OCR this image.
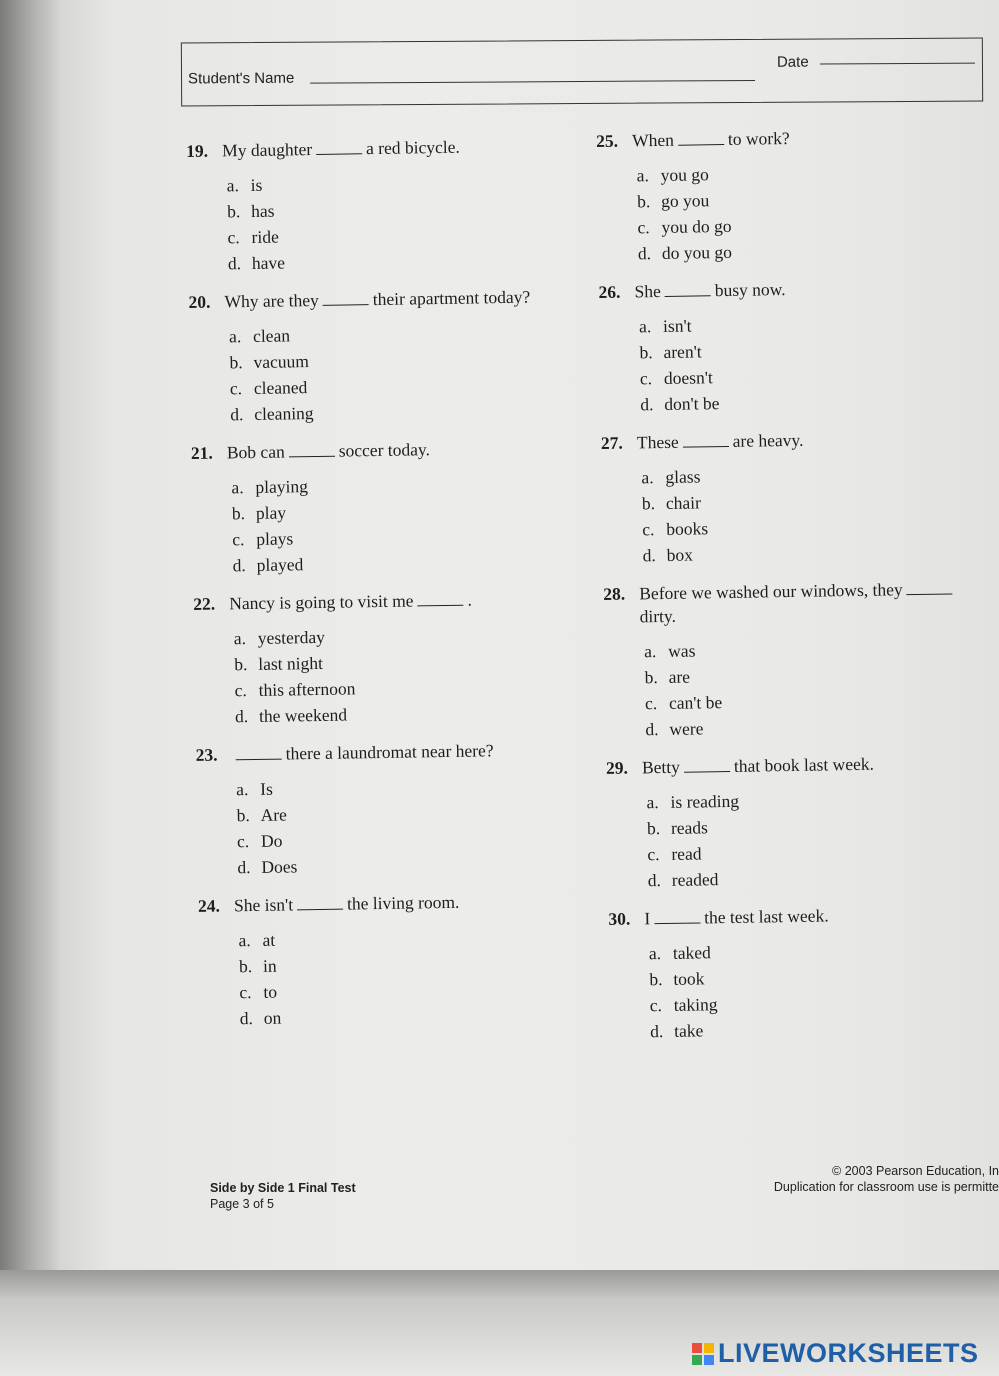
Student's Name
Date
19. My daughter	a red bicycle.
a. is
b. has
c. ride
d. have
20. Why are they	their apartment today?
a. clean
b. vacuum
c. cleaned
d. cleaning
21. Bob can	soccer today.
a. playing
b. play
c. plays
d. played
22. Nancy is going to visit me	.
a. yesterday
b. last night
c. this afternoon
d. the weekend
23.	there a laundromat near here?
a. Is
b. Are
c. Do
d. Does
24. She isn't	the living room.
a. at
b. in
c. to
d. on
25. When	to work?
a. you go
b. go you
c. you do go
d. do you go
26. She	busy now.
a. isn't
b. aren't
c. doesn't
d. don't be
27. These	are heavy.
a. glass
b. chair
c. books
d. box
28. Before we washed our windows, theydirty.
a. was
b. are
c. can't be
d. were
29. Betty	that book last week.
a. is reading
b. reads
c. read
d. readed
30. I	the test last week.
a. taked
b. took
c. taking
d. take
Side by Side 1 Final Test
Page 3 of 5
© 2003 Pearson Education, In
Duplication for classroom use is permitte
LIVEWORKSHEETS
